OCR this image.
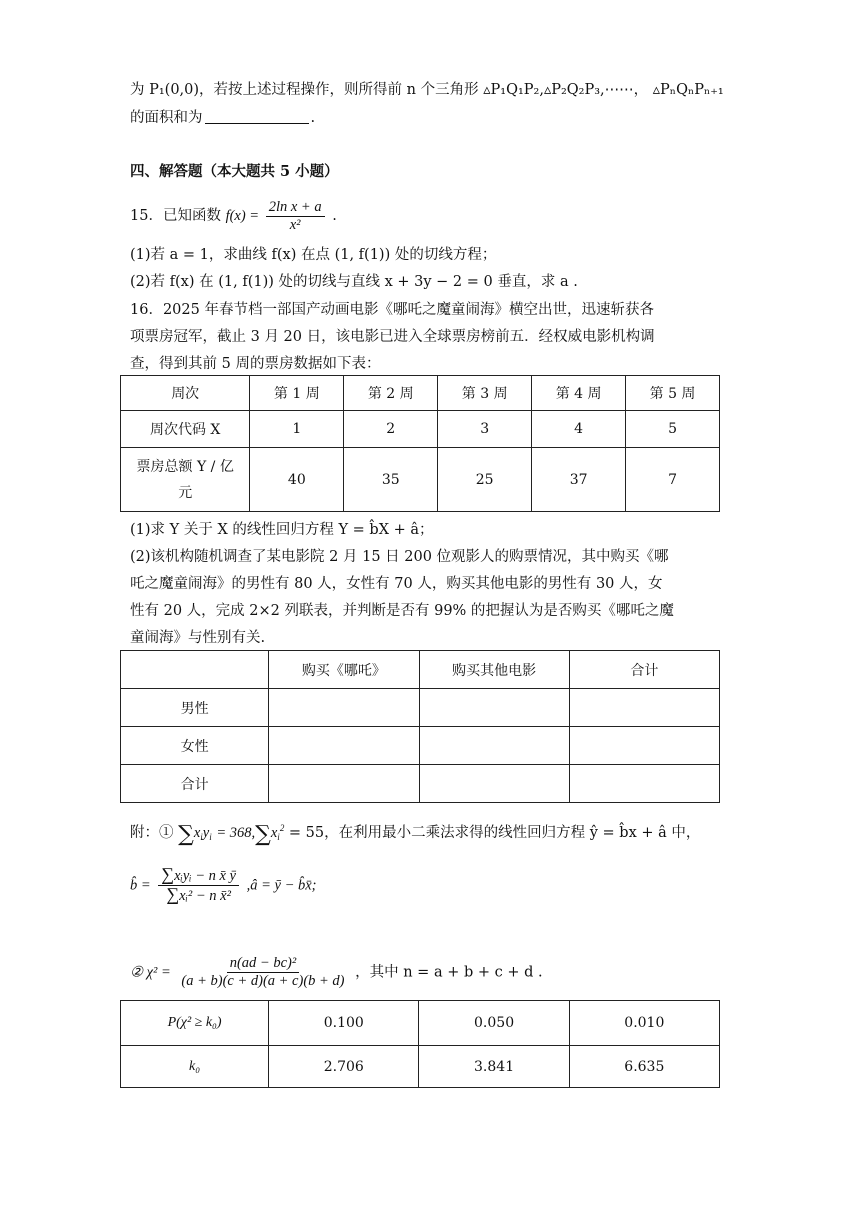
为 P₁(0,0)，若按上述过程操作，则所得前 n 个三角形 ▵P₁Q₁P₂,▵P₂Q₂P₃,⋯⋯， ▵PₙQₙPₙ₊₁
的面积和为	.
四、解答题（本大题共 5 小题）
15．已知函数 $f(x) = \frac{\text{2ln x + a}}{\text{x²}}$ .
(1)若 a = 1，求曲线 f(x) 在点 (1, f(1)) 处的切线方程；
(2)若 f(x) 在 (1, f(1)) 处的切线与直线 x + 3y − 2 = 0 垂直，求 a .
16．2025 年春节档一部国产动画电影《哪吒之魔童闹海》横空出世，迅速斩获各
项票房冠军，截止 3 月 20 日，该电影已进入全球票房榜前五．经权威电影机构调
查，得到其前 5 周的票房数据如下表：
周次	第 1 周	第 2 周	第 3 周	第 4 周	第 5 周
周次代码 X	1	2	3	4	5

票房总额 Y / 亿
元	40	35	25	37	7
(1)求 Y 关于 X 的线性回归方程 Y = b̂X + â；
(2)该机构随机调查了某电影院 2 月 15 日 200 位观影人的购票情况，其中购买《哪
吒之魔童闹海》的男性有 80 人，女性有 70 人，购买其他电影的男性有 30 人，女
性有 20 人，完成 2×2 列联表，并判断是否有 99% 的把握认为是否购买《哪吒之魔
童闹海》与性别有关.
	购买《哪吒》	购买其他电影	合计
男性			
女性			
合计			
附：① $\sum x_iy_i = 368,\sum x_i^2 = 55$，在利用最小二乘法求得的线性回归方程 ŷ = b̂x + â 中，
b̂ = $\frac{\text{∑xᵢyᵢ − n x̄ ȳ}}{\text{∑xᵢ² − n x̄²}}$ ,â = ȳ − b̂x̄;
② $\chi^2 = \frac{\text{n(ad − bc)²}}{(a + b)(c + d)(a + c)(b + d)}$ ，其中 n = a + b + c + d .
P(χ² ≥ k₀)	0.100	0.050	0.010
k₀	2.706	3.841	6.635
